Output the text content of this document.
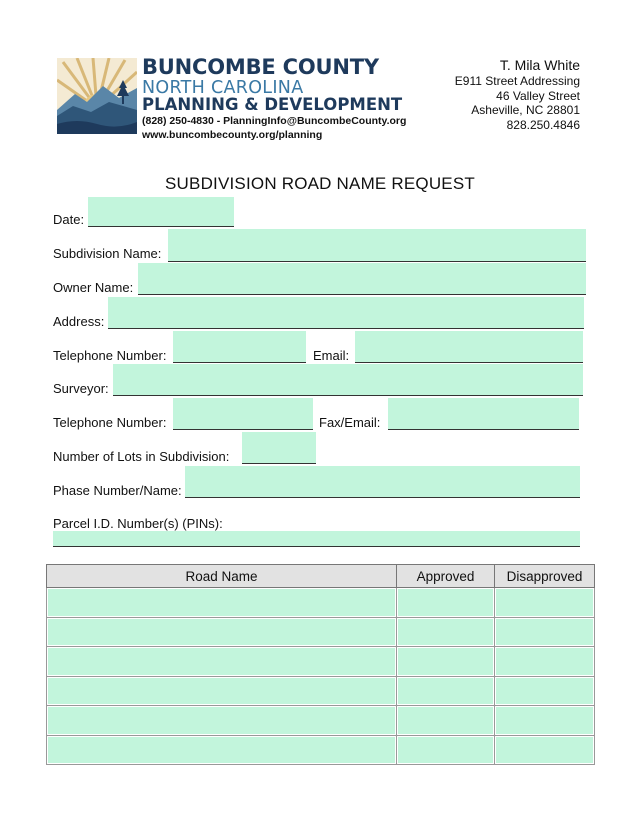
BUNCOMBE COUNTY
NORTH CAROLINA
PLANNING & DEVELOPMENT
(828) 250-4830 - PlanningInfo@BuncombeCounty.org
www.buncombecounty.org/planning
T. Mila White
E911 Street Addressing
46 Valley Street
Asheville, NC 28801
828.250.4846
SUBDIVISION ROAD NAME REQUEST
Date:
Subdivision Name:
Owner Name:
Address:
Telephone Number:	Email:
Surveyor:
Telephone Number:	Fax/Email:
Number of Lots in Subdivision:
Phase Number/Name:
Parcel I.D. Number(s) (PINs):
Road Name	Approved	Disapproved
